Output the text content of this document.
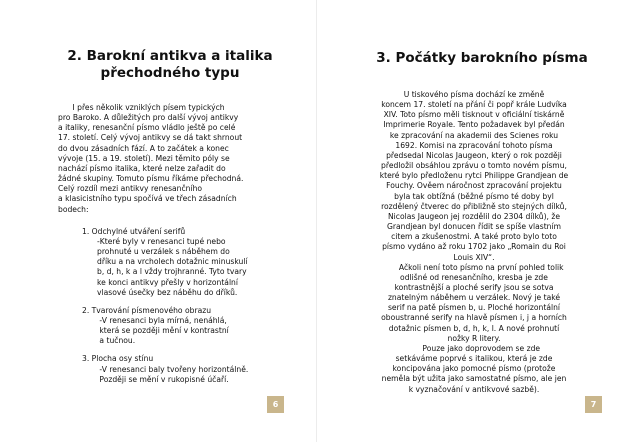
2. Barokní antikva a italika
přechodného typu
I přes několik vzniklých písem typických
pro Baroko. A důležitých pro další vývoj antikvy
a italiky, renesanční písmo vládlo ještě po celé
17. století. Celý vývoj antikvy se dá takt shrnout
do dvou zásadních fází. A to začátek a konec
vývoje (15. a 19. století). Mezi těmito póly se
nachází písmo italika, které nelze zařadit do
žádné skupiny. Tomuto písmu říkáme přechodná.
Celý rozdíl mezi antikvy renesančního
a klasicistního typu spočívá ve třech zásadních
bodech:
1. Odchylné utváření serifů
-Které byly v renesanci tupé nebo
prohnuté u verzálek s náběhem do
dříku a na vrcholech dotažnic minuskulí
b, d, h, k a l vždy trojhranné. Tyto tvary
ke konci antikvy přešly v horizontální
vlasové úsečky bez náběhu do dříků.
2. Tvarování písmenového obrazu
-V renesanci byla mírná, nenáhlá,
která se později mění v kontrastní
a tučnou.
3. Plocha osy stínu
-V renesanci baly tvořeny horizontálně.
Později se mění v rukopisné účaří.
6
3. Počátky barokního písma
U tiskového písma dochází ke změně
koncem 17. století na přání či popř krále Ludvíka
XIV. Toto písmo měli tisknout v oficiální tiskárně
Imprimerie Royale. Tento požadavek byl předán
ke zpracování na akademii des Scienes roku
1692. Komisi na zpracování tohoto písma
předsedal Nicolas Jaugeon, který o rok později
předložil obsáhlou zprávu o tomto novém písmu,
které bylo předloženu rytci Philippe Grandjean de
Fouchy. Ověem náročnost zpracování projektu
byla tak obtížná (běžné písmo té doby byl
rozdělený čtverec do přibližně sto stejných dílků,
Nicolas Jaugeon jej rozdělil do 2304 dílků), že
Grandjean byl donucen řídit se spíše vlastním
citem a zkušenostmi. A také proto bylo toto
písmo vydáno až roku 1702 jako „Romain du Roi
Louis XIV“.
Ačkoli není toto písmo na první pohled tolik
odlišné od renesančního, kresba je zde
kontrastnější a ploché serify jsou se sotva
znatelným náběhem u verzálek. Nový je také
serif na patě písmen b, u. Ploché horizontální
oboustranné serify na hlavě písmen i, j a horních
dotažnic písmen b, d, h, k, l. A nové prohnutí
nožky R litery.
Pouze jako doprovodem se zde
setkáváme poprvé s italikou, která je zde
koncipována jako pomocné písmo (protože
neměla být užita jako samostatné písmo, ale jen
k vyznačování v antikvové sazbě).
7
